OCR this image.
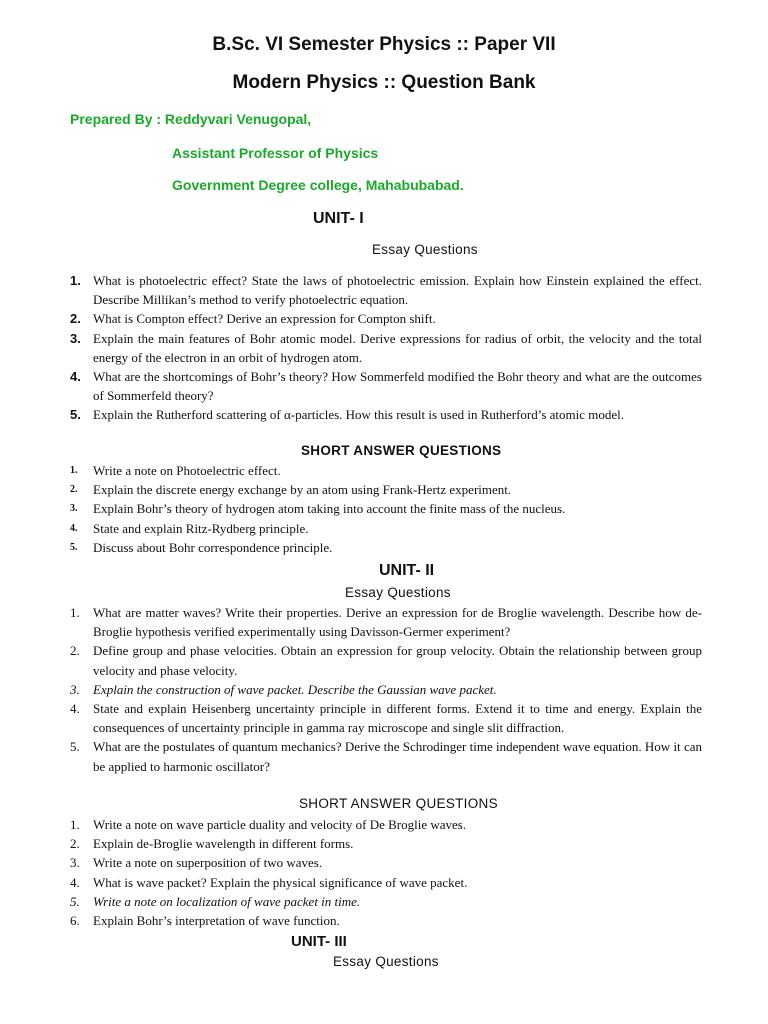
B.Sc. VI Semester Physics :: Paper VII
Modern Physics :: Question Bank
Prepared By : Reddyvari Venugopal,
Assistant Professor of Physics
Government Degree college, Mahabubabad.
UNIT- I
Essay Questions
1. What is photoelectric effect? State the laws of photoelectric emission. Explain how Einstein explained the effect. Describe Millikan’s method to verify photoelectric equation.
2. What is Compton effect? Derive an expression for Compton shift.
3. Explain the main features of Bohr atomic model. Derive expressions for radius of orbit, the velocity and the total energy of the electron in an orbit of hydrogen atom.
4. What are the shortcomings of Bohr’s theory? How Sommerfeld modified the Bohr theory and what are the outcomes of Sommerfeld theory?
5. Explain the Rutherford scattering of α-particles. How this result is used in Rutherford’s atomic model.
SHORT ANSWER QUESTIONS
1. Write a note on Photoelectric effect.
2. Explain the discrete energy exchange by an atom using Frank-Hertz experiment.
3. Explain Bohr’s theory of hydrogen atom taking into account the finite mass of the nucleus.
4. State and explain Ritz-Rydberg principle.
5. Discuss about Bohr correspondence principle.
UNIT- II
Essay Questions
1. What are matter waves? Write their properties. Derive an expression for de Broglie wavelength. Describe how de-Broglie hypothesis verified experimentally using Davisson-Germer experiment?
2. Define group and phase velocities. Obtain an expression for group velocity. Obtain the relationship between group velocity and phase velocity.
3. Explain the construction of wave packet. Describe the Gaussian wave packet.
4. State and explain Heisenberg uncertainty principle in different forms. Extend it to time and energy. Explain the consequences of uncertainty principle in gamma ray microscope and single slit diffraction.
5. What are the postulates of quantum mechanics? Derive the Schrodinger time independent wave equation. How it can be applied to harmonic oscillator?
SHORT ANSWER QUESTIONS
1. Write a note on wave particle duality and velocity of De Broglie waves.
2. Explain de-Broglie wavelength in different forms.
3. Write a note on superposition of two waves.
4. What is wave packet? Explain the physical significance of wave packet.
5. Write a note on localization of wave packet in time.
6. Explain Bohr’s interpretation of wave function.
UNIT- III
Essay Questions
